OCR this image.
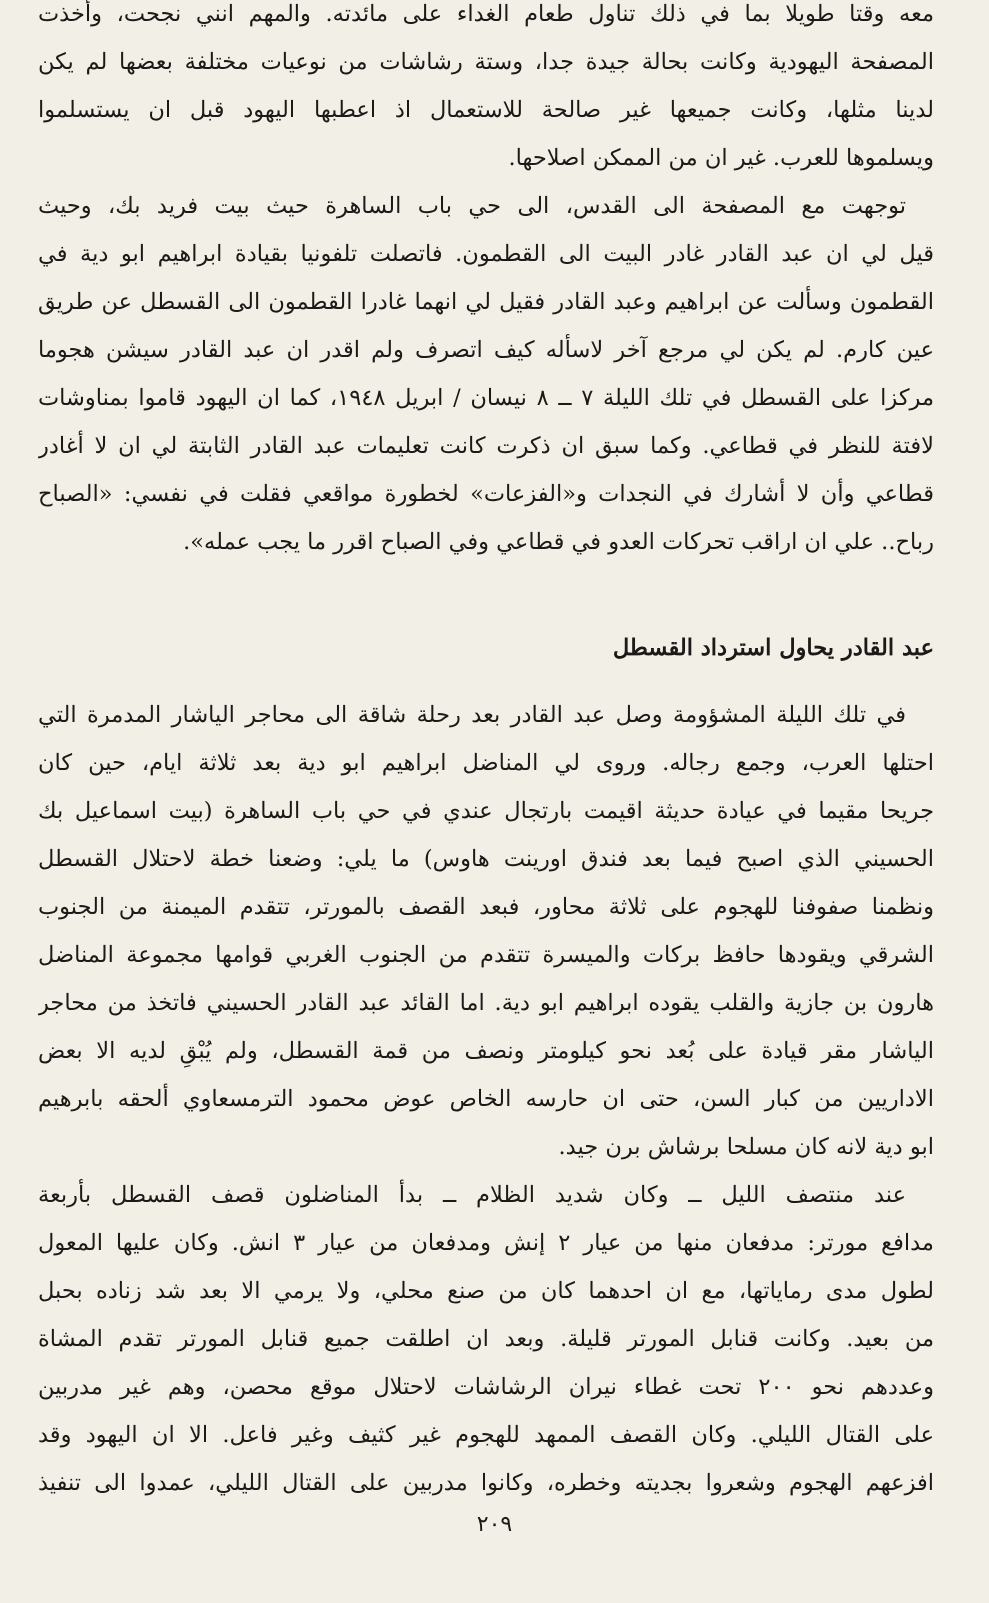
معه وقتا طويلا بما في ذلك تناول طعام الغداء على مائدته. والمهم انني نجحت، وأخذت
المصفحة اليهودية وكانت بحالة جيدة جدا، وستة رشاشات من نوعيات مختلفة بعضها لم يكن
لدينا مثلها، وكانت جميعها غير صالحة للاستعمال اذ اعطبها اليهود قبل ان يستسلموا
ويسلموها للعرب. غير ان من الممكن اصلاحها.
توجهت مع المصفحة الى القدس، الى حي باب الساهرة حيث بيت فريد بك، وحيث
قيل لي ان عبد القادر غادر البيت الى القطمون. فاتصلت تلفونيا بقيادة ابراهيم ابو دية في
القطمون وسألت عن ابراهيم وعبد القادر فقيل لي انهما غادرا القطمون الى القسطل عن طريق
عين كارم. لم يكن لي مرجع آخر لاسأله كيف اتصرف ولم اقدر ان عبد القادر سيشن هجوما
مركزا على القسطل في تلك الليلة ٧ ــ ٨ نيسان / ابريل ١٩٤٨، كما ان اليهود قاموا بمناوشات
لافتة للنظر في قطاعي. وكما سبق ان ذكرت كانت تعليمات عبد القادر الثابتة لي ان لا أغادر
قطاعي وأن لا أشارك في النجدات و«الفزعات» لخطورة مواقعي فقلت في نفسي: «الصباح
رباح.. علي ان اراقب تحركات العدو في قطاعي وفي الصباح اقرر ما يجب عمله».
عبد القادر يحاول استرداد القسطل
في تلك الليلة المشؤومة وصل عبد القادر بعد رحلة شاقة الى محاجر الياشار المدمرة التي
احتلها العرب، وجمع رجاله. وروى لي المناضل ابراهيم ابو دية بعد ثلاثة ايام، حين كان
جريحا مقيما في عيادة حديثة اقيمت بارتجال عندي في حي باب الساهرة (بيت اسماعيل بك
الحسيني الذي اصبح فيما بعد فندق اورينت هاوس) ما يلي: وضعنا خطة لاحتلال القسطل
ونظمنا صفوفنا للهجوم على ثلاثة محاور، فبعد القصف بالمورتر، تتقدم الميمنة من الجنوب
الشرقي ويقودها حافظ بركات والميسرة تتقدم من الجنوب الغربي قوامها مجموعة المناضل
هارون بن جازية والقلب يقوده ابراهيم ابو دية. اما القائد عبد القادر الحسيني فاتخذ من محاجر
الياشار مقر قيادة على بُعد نحو كيلومتر ونصف من قمة القسطل، ولم يُبْقِ لديه الا بعض
الاداريين من كبار السن، حتى ان حارسه الخاص عوض محمود الترمسعاوي ألحقه بابرهيم
ابو دية لانه كان مسلحا برشاش برن جيد.
عند منتصف الليل ــ وكان شديد الظلام ــ بدأ المناضلون قصف القسطل بأربعة
مدافع مورتر: مدفعان منها من عيار ٢ إنش ومدفعان من عيار ٣ انش. وكان عليها المعول
لطول مدى رماياتها، مع ان احدهما كان من صنع محلي، ولا يرمي الا بعد شد زناده بحبل
من بعيد. وكانت قنابل المورتر قليلة. وبعد ان اطلقت جميع قنابل المورتر تقدم المشاة
وعددهم نحو ٢٠٠ تحت غطاء نيران الرشاشات لاحتلال موقع محصن، وهم غير مدربين
على القتال الليلي. وكان القصف الممهد للهجوم غير كثيف وغير فاعل. الا ان اليهود وقد
افزعهم الهجوم وشعروا بجديته وخطره، وكانوا مدربين على القتال الليلي، عمدوا الى تنفيذ
٢٠٩
